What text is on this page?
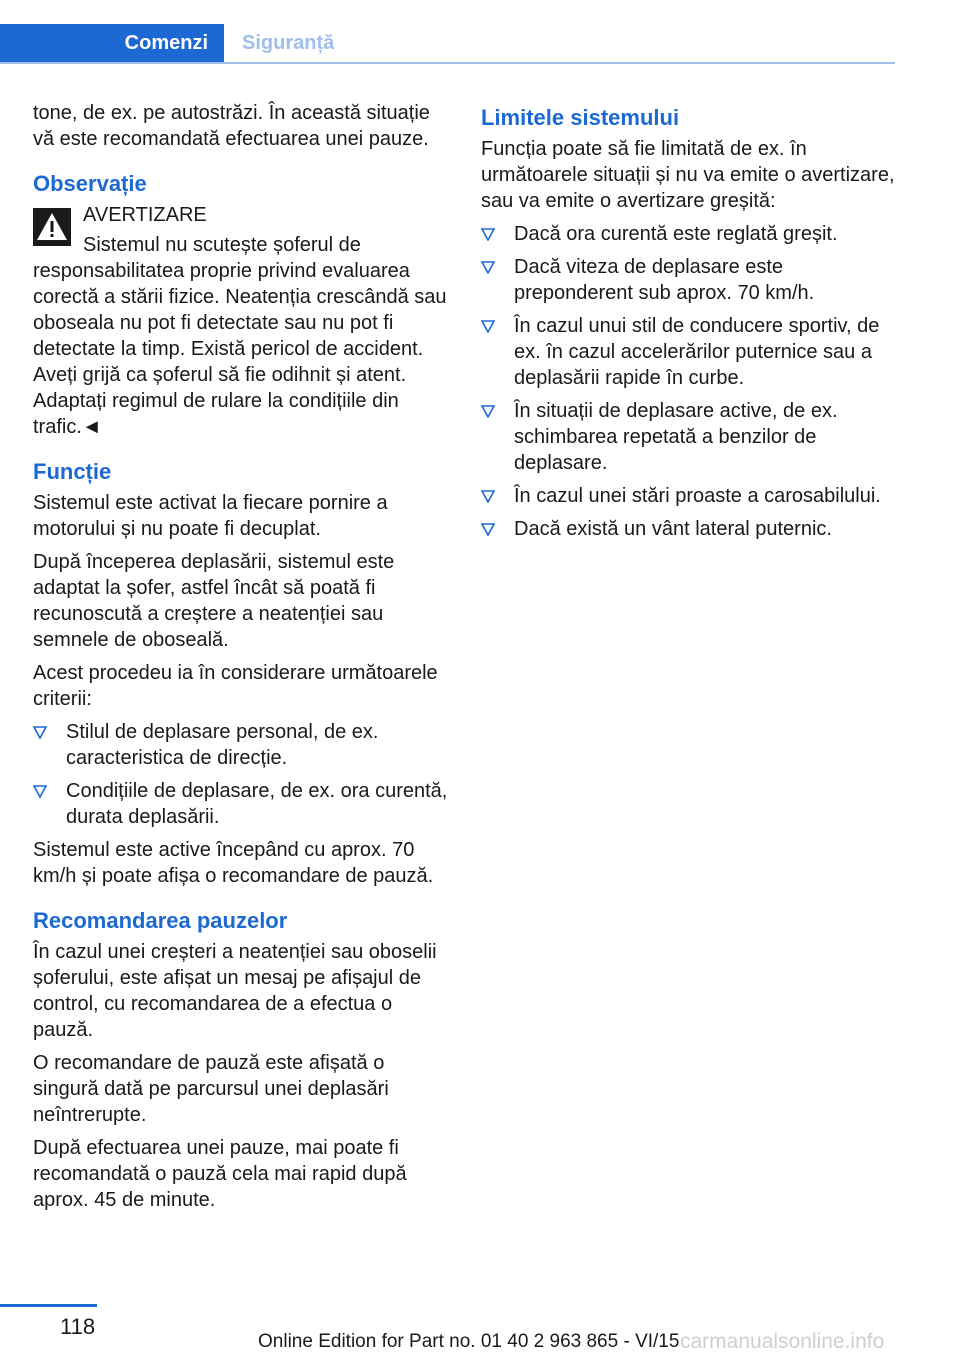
Comenzi	Siguranță

tone, de ex. pe autostrăzi. În această situație vă este recomandată efectuarea unei pauze.

Observație
AVERTIZARE
Sistemul nu scutește șoferul de responsabilitatea proprie privind evaluarea corectă a stării fizice. Neatenția crescândă sau oboseala nu pot fi detectate sau nu pot fi detectate la timp. Există pericol de accident. Aveți grijă ca șoferul să fie odihnit și atent. Adaptați regimul de rulare la condițiile din trafic.◄
Funcție

Sistemul este activat la fiecare pornire a motorului și nu poate fi decuplat.

După începerea deplasării, sistemul este adaptat la șofer, astfel încât să poată fi recunoscută a creștere a neatenției sau semnele de oboseală.

Acest procedeu ia în considerare următoarele criterii:

Stilul de deplasare personal, de ex. caracteristica de direcție.
Condițiile de deplasare, de ex. ora curentă, durata deplasării.

Sistemul este active începând cu aprox. 70 km/h și poate afișa o recomandare de pauză.

Recomandarea pauzelor

În cazul unei creșteri a neatenției sau oboselii șoferului, este afișat un mesaj pe afișajul de control, cu recomandarea de a efectua o pauză.

O recomandare de pauză este afișată o singură dată pe parcursul unei deplasări neîntrerupte.

După efectuarea unei pauze, mai poate fi recomandată o pauză cela mai rapid după aprox. 45 de minute.

Limitele sistemului

Funcția poate să fie limitată de ex. în următoarele situații și nu va emite o avertizare, sau va emite o avertizare greșită:

Dacă ora curentă este reglată greșit.
Dacă viteza de deplasare este preponderent sub aprox. 70 km/h.
În cazul unui stil de conducere sportiv, de ex. în cazul accelerărilor puternice sau a deplasării rapide în curbe.
În situații de deplasare active, de ex. schimbarea repetată a benzilor de deplasare.
În cazul unei stări proaste a carosabilului.
Dacă există un vânt lateral puternic.
118
Online Edition for Part no. 01 40 2 963 865 - VI/15 carmanualsonline.info
